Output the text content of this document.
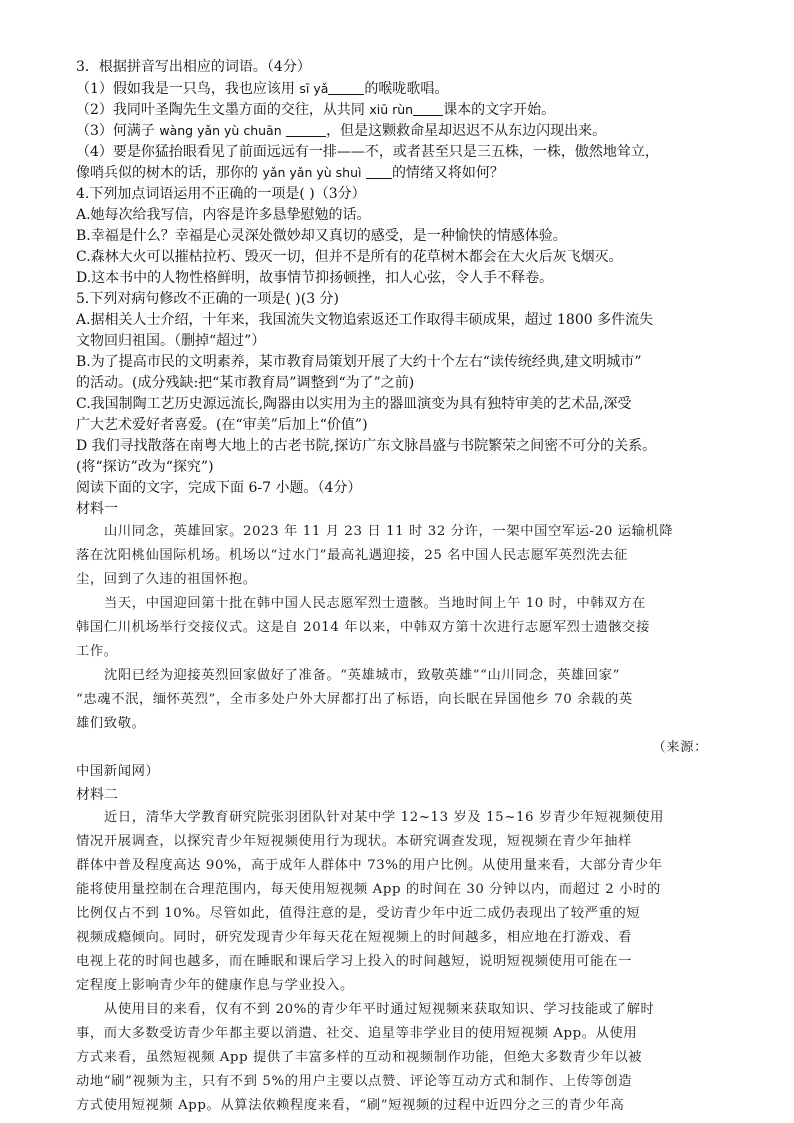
3．根据拼音写出相应的词语。（4分）
（1）假如我是一只鸟，我也应该用 sī yǎ	的喉咙歌唱。
（2）我同叶圣陶先生文墨方面的交往，从共同 xiū rùn 课本的文字开始。
（3）何满子 wàng yǎn yù chuān	，但是这颗救命星却迟迟不从东边闪现出来。
（4）要是你猛抬眼看见了前面远远有一排——不，或者甚至只是三五株，一株，傲然地耸立，
像哨兵似的树木的话，那你的 yǎn yǎn yù shuì 的情绪又将如何？
4.下列加点词语运用不正确的一项是( )（3分）
A.她每次给我写信，内容是许多恳挚慰勉的话。
B.幸福是什么？幸福是心灵深处微妙却又真切的感受，是一种愉快的情感体验。
C.森林大火可以摧枯拉朽、毁灭一切，但并不是所有的花草树木都会在大火后灰飞烟灭。
D.这本书中的人物性格鲜明，故事情节抑扬顿挫，扣人心弦，令人手不释卷。
5.下列对病句修改不正确的一项是( )(3 分)
A.据相关人士介绍，十年来，我国流失文物追索返还工作取得丰硕成果，超过 1800 多件流失
文物回归祖国。（删掉“超过”）
B.为了提高市民的文明素养，某市教育局策划开展了大约十个左右“读传统经典,建文明城市”
的活动。(成分残缺:把“某市教育局”调整到“为了”之前)
C.我国制陶工艺历史源远流长,陶器由以实用为主的器皿演变为具有独特审美的艺术品,深受
广大艺术爱好者喜爱。(在“审美”后加上“价值”)
D 我们寻找散落在南粤大地上的古老书院,探访广东文脉昌盛与书院繁荣之间密不可分的关系。
(将“探访”改为“探究”)
阅读下面的文字，完成下面 6-7 小题。（4分）
材料一
山川同念，英雄回家。2023 年 11 月 23 日 11 时 32 分许，一架中国空军运-20 运输机降
落在沈阳桃仙国际机场。机场以“过水门”最高礼遇迎接，25 名中国人民志愿军英烈洗去征
尘，回到了久违的祖国怀抱。
当天，中国迎回第十批在韩中国人民志愿军烈士遗骸。当地时间上午 10 时，中韩双方在
韩国仁川机场举行交接仪式。这是自 2014 年以来，中韩双方第十次进行志愿军烈士遗骸交接
工作。
沈阳已经为迎接英烈回家做好了准备。“英雄城市，致敬英雄”“山川同念，英雄回家”
“忠魂不泯，缅怀英烈”，全市多处户外大屏都打出了标语，向长眠在异国他乡 70 余载的英
雄们致敬。
（来源：
中国新闻网）
材料二
近日，清华大学教育研究院张羽团队针对某中学 12~13 岁及 15~16 岁青少年短视频使用
情况开展调查，以探究青少年短视频使用行为现状。本研究调查发现，短视频在青少年抽样
群体中普及程度高达 90%，高于成年人群体中 73%的用户比例。从使用量来看，大部分青少年
能将使用量控制在合理范围内，每天使用短视频 App 的时间在 30 分钟以内，而超过 2 小时的
比例仅占不到 10%。尽管如此，值得注意的是，受访青少年中近二成仍表现出了较严重的短
视频成瘾倾向。同时，研究发现青少年每天花在短视频上的时间越多，相应地在打游戏、看
电视上花的时间也越多，而在睡眠和课后学习上投入的时间越短，说明短视频使用可能在一
定程度上影响青少年的健康作息与学业投入。
从使用目的来看，仅有不到 20%的青少年平时通过短视频来获取知识、学习技能或了解时
事，而大多数受访青少年都主要以消遣、社交、追星等非学业目的使用短视频 App。从使用
方式来看，虽然短视频 App 提供了丰富多样的互动和视频制作功能，但绝大多数青少年以被
动地“刷”视频为主，只有不到 5%的用户主要以点赞、评论等互动方式和制作、上传等创造
方式使用短视频 App。从算法依赖程度来看，“刷”短视频的过程中近四分之三的青少年高
